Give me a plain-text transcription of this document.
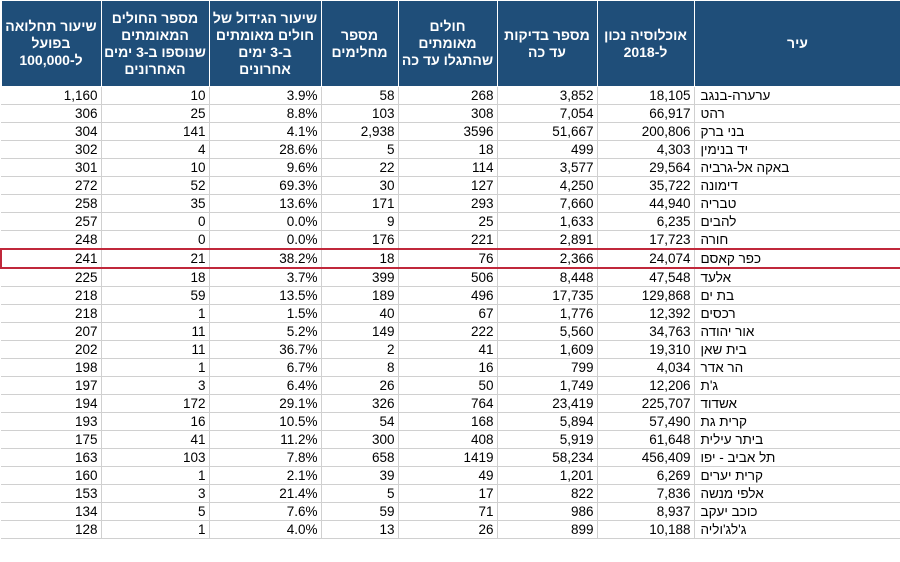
שיעור תחלואה בפועל ל-100,000	מספר החולים המאומתים שנוספו ב-3 ימים האחרונים	שיעור הגידול של חולים מאומתים ב-3 ימים אחרונים	מספר מחלימים	חולים מאומתים שהתגלו עד כה	מספר בדיקות עד כה	אוכלוסיה נכון ל-2018	עיר
1,160	10	3.9%	58	268	3,852	18,105	ערערה-בנגב
306	25	8.8%	103	308	7,054	66,917	רהט
304	141	4.1%	2,938	3596	51,667	200,806	בני ברק
302	4	28.6%	5	18	499	4,303	יד בנימין
301	10	9.6%	22	114	3,577	29,564	באקה אל-גרביה
272	52	69.3%	30	127	4,250	35,722	דימונה
258	35	13.6%	171	293	7,660	44,940	טבריה
257	0	0.0%	9	25	1,633	6,235	להבים
248	0	0.0%	176	221	2,891	17,723	חורה
241	21	38.2%	18	76	2,366	24,074	כפר קאסם
225	18	3.7%	399	506	8,448	47,548	אלעד
218	59	13.5%	189	496	17,735	129,868	בת ים
218	1	1.5%	40	67	1,776	12,392	רכסים
207	11	5.2%	149	222	5,560	34,763	אור יהודה
202	11	36.7%	2	41	1,609	19,310	בית שאן
198	1	6.7%	8	16	799	4,034	הר אדר
197	3	6.4%	26	50	1,749	12,206	ג'ת
194	172	29.1%	326	764	23,419	225,707	אשדוד
193	16	10.5%	54	168	5,894	57,490	קרית גת
175	41	11.2%	300	408	5,919	61,648	ביתר עילית
163	103	7.8%	658	1419	58,234	456,409	תל אביב - יפו
160	1	2.1%	39	49	1,201	6,269	קרית יערים
153	3	21.4%	5	17	822	7,836	אלפי מנשה
134	5	7.6%	59	71	986	8,937	כוכב יעקב
128	1	4.0%	13	26	899	10,188	ג'לג'וליה
